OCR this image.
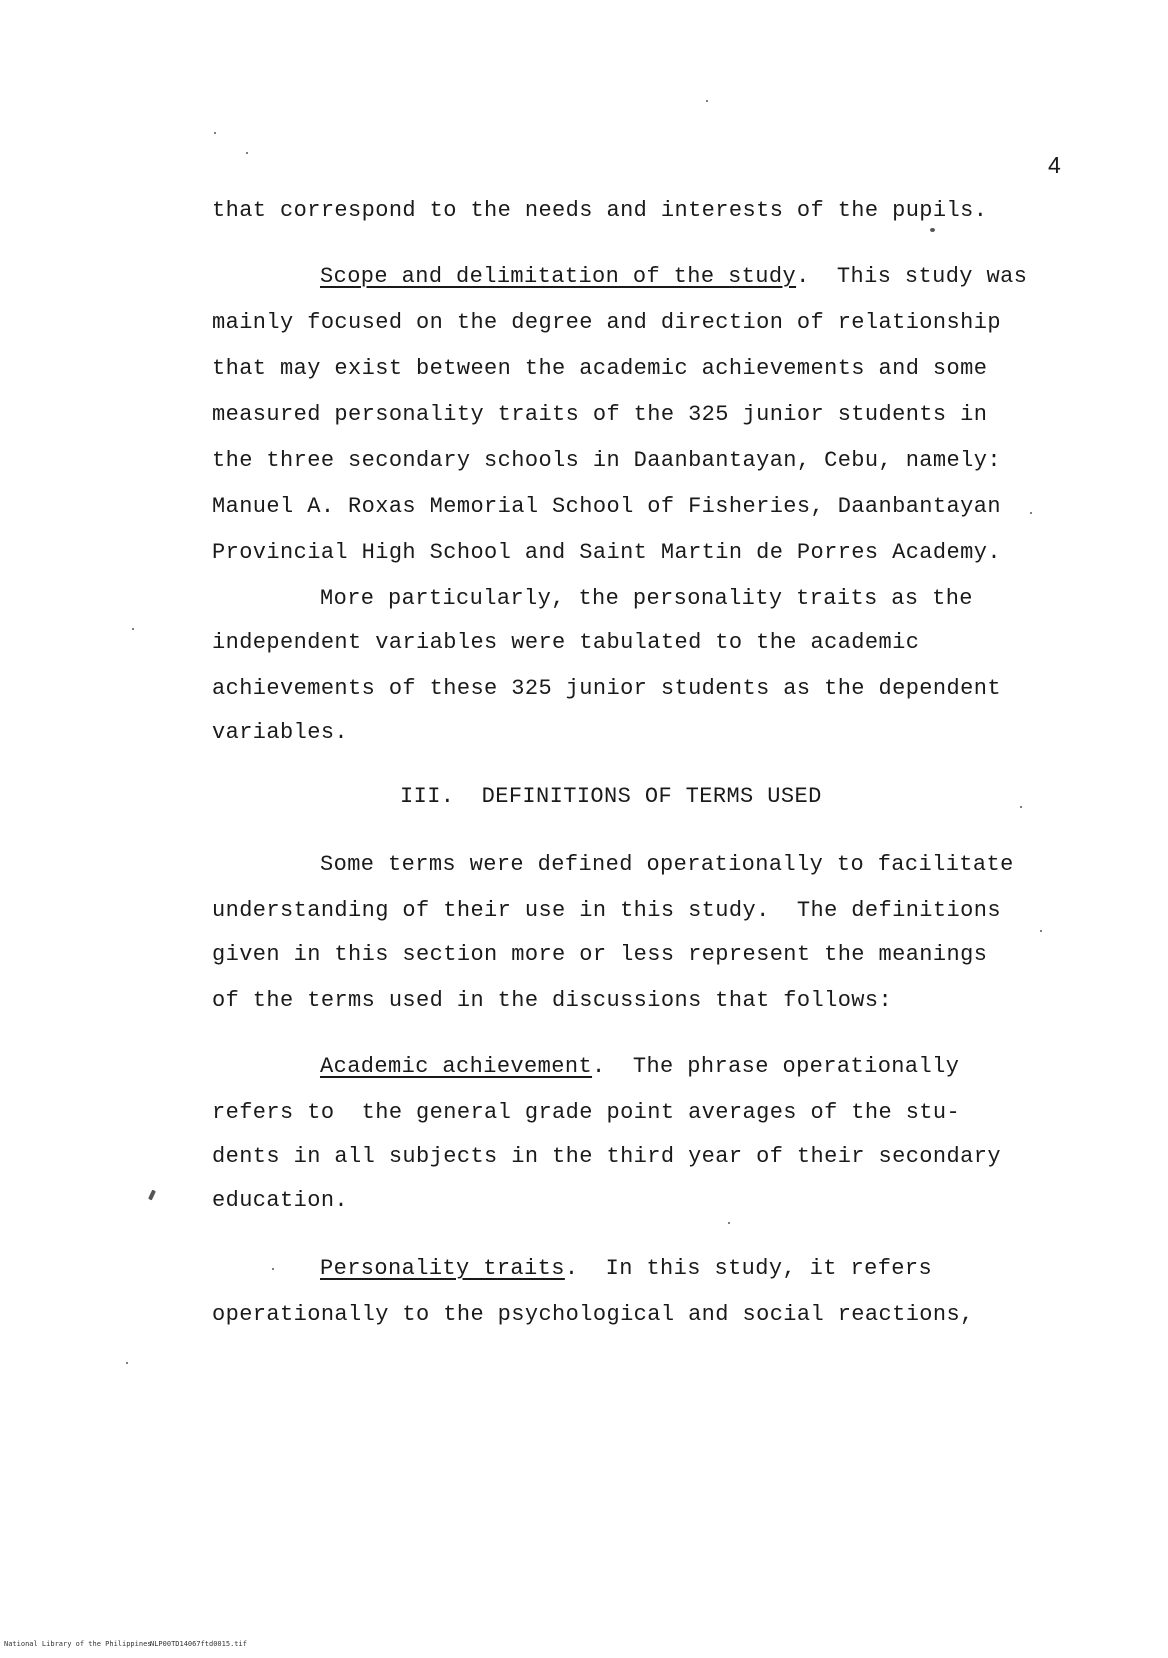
4
that correspond to the needs and interests of the pupils.
Scope and delimitation of the study.  This study was
mainly focused on the degree and direction of relationship
that may exist between the academic achievements and some
measured personality traits of the 325 junior students in
the three secondary schools in Daanbantayan, Cebu, namely:
Manuel A. Roxas Memorial School of Fisheries, Daanbantayan
Provincial High School and Saint Martin de Porres Academy.
More particularly, the personality traits as the
independent variables were tabulated to the academic
achievements of these 325 junior students as the dependent
variables.
III.  DEFINITIONS OF TERMS USED
Some terms were defined operationally to facilitate
understanding of their use in this study.  The definitions
given in this section more or less represent the meanings
of the terms used in the discussions that follows:
Academic achievement.  The phrase operationally
refers to  the general grade point averages of the stu-
dents in all subjects in the third year of their secondary
education.
Personality traits.  In this study, it refers
operationally to the psychological and social reactions,
National Library of the Philippines
NLP00TD14067ftd0015.tif
